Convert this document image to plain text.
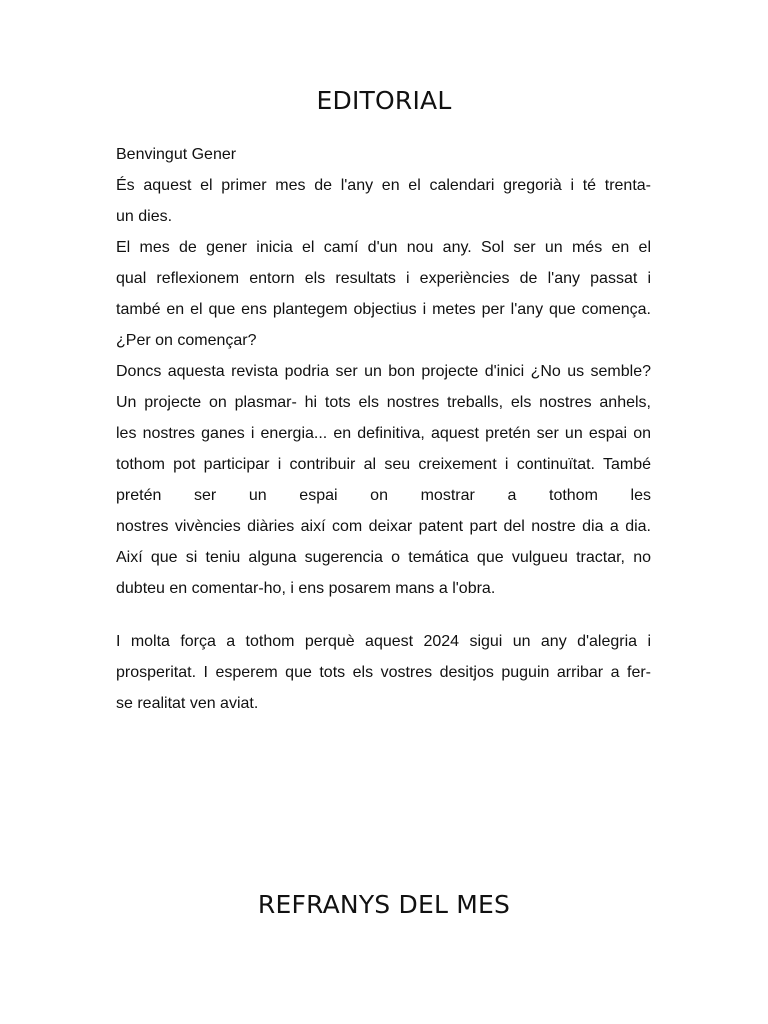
EDITORIAL
Benvingut Gener
És aquest el primer mes de l'any en el calendari gregorià i té trenta-
un dies.
El mes de gener inicia el camí d'un nou any. Sol ser un més en el
qual reflexionem entorn els resultats i experiències de l'any passat i
també en el que ens plantegem objectius i metes per l'any que comença.
¿Per on començar?
Doncs aquesta revista podria ser un bon projecte d'inici ¿No us semble?
Un projecte on plasmar- hi tots els nostres treballs, els nostres anhels,
les nostres ganes i energia... en definitiva, aquest pretén ser un espai on
tothom pot participar i contribuir al seu creixement i continuïtat. També
pretén ser un espai on mostrar a tothom les
nostres vivències diàries així com deixar patent part del nostre dia a dia.
Així que si teniu alguna sugerencia o temática que vulgueu tractar, no
dubteu en comentar-ho, i ens posarem mans a l'obra.
I molta força a tothom perquè aquest 2024 sigui un any d'alegria i
prosperitat. I esperem que tots els vostres desitjos puguin arribar a fer-
se realitat ven aviat.
REFRANYS DEL MES
